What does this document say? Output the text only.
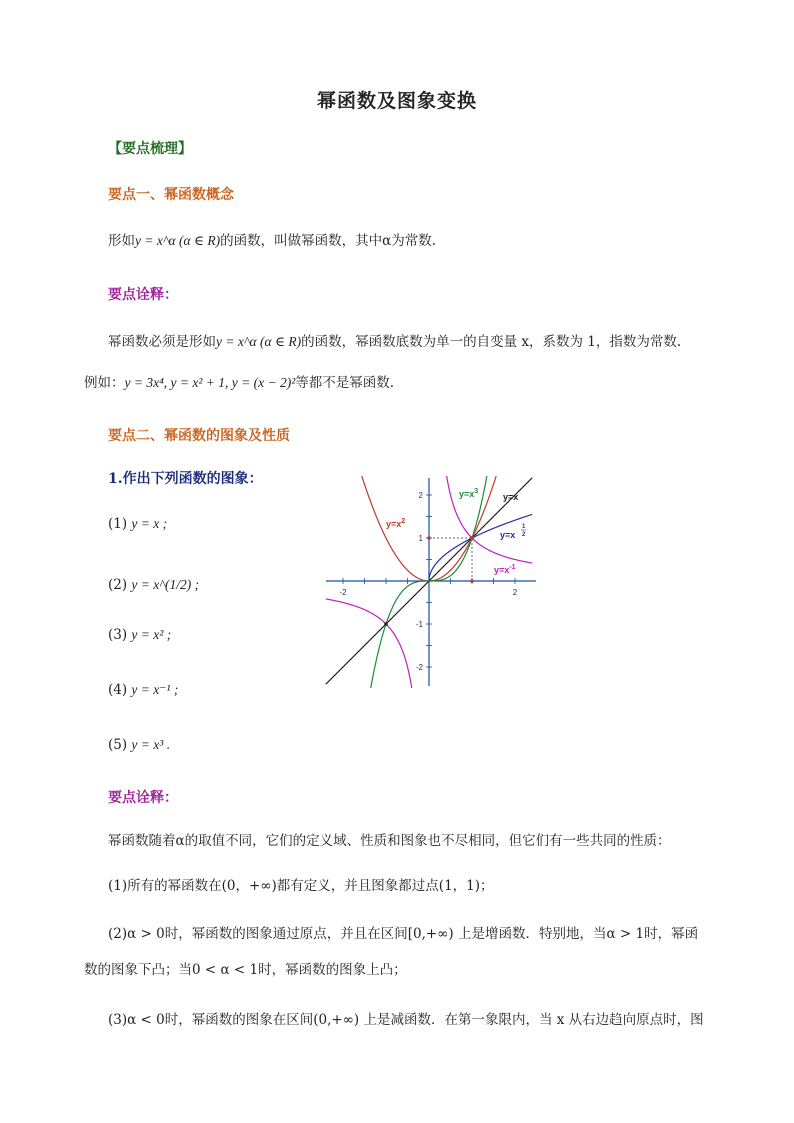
幂函数及图象变换
【要点梳理】
要点一、幂函数概念
形如y = x^α (α ∈ R)的函数，叫做幂函数，其中α为常数.
要点诠释：
幂函数必须是形如y = x^α (α ∈ R)的函数，幂函数底数为单一的自变量 x，系数为 1，指数为常数.
例如：y = 3x⁴, y = x² + 1, y = (x − 2)²等都不是幂函数.
要点二、幂函数的图象及性质
1.作出下列函数的图象：
(1) y = x ;
(2) y = x^(1/2) ;
(3) y = x² ;
(4) y = x⁻¹ ;
(5) y = x³ .
-2	2
2
1
-1
-2
$y=x^2$
$y=x^3$
y=x
y=x
1
2
$y=x^{-1}$
要点诠释：
幂函数随着α的取值不同，它们的定义域、性质和图象也不尽相同，但它们有一些共同的性质：
(1)所有的幂函数在(0，+∞)都有定义，并且图象都过点(1，1)；
(2)α > 0时，幂函数的图象通过原点，并且在区间[0,+∞) 上是增函数．特别地，当α > 1时，幂函
数的图象下凸；当0 < α < 1时，幂函数的图象上凸；
(3)α < 0时，幂函数的图象在区间(0,+∞) 上是减函数．在第一象限内，当 x 从右边趋向原点时，图
